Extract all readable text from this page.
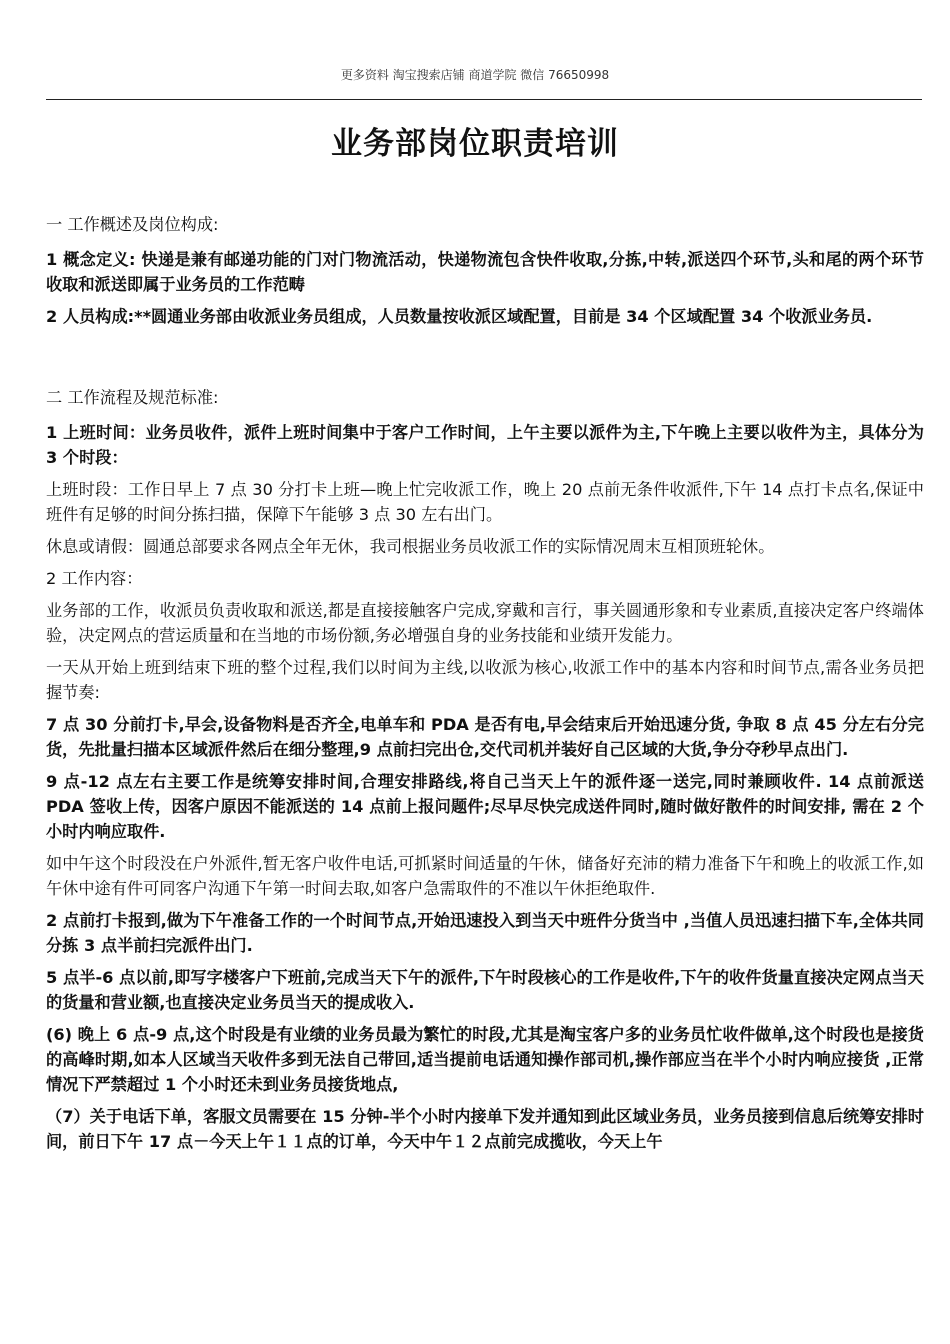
更多资料 淘宝搜索店铺 商道学院 微信 76650998
业务部岗位职责培训

一 工作概述及岗位构成:

1 概念定义: 快递是兼有邮递功能的门对门物流活动，快递物流包含快件收取,分拣,中转,派送四个环节,头和尾的两个环节收取和派送即属于业务员的工作范畴

2 人员构成:**圆通业务部由收派业务员组成，人员数量按收派区域配置，目前是 34 个区域配置 34 个收派业务员.

二 工作流程及规范标准:

1 上班时间：业务员收件，派件上班时间集中于客户工作时间，上午主要以派件为主,下午晚上主要以收件为主，具体分为 3 个时段：

上班时段：工作日早上 7 点 30 分打卡上班—晚上忙完收派工作，晚上 20 点前无条件收派件,下午 14 点打卡点名,保证中班件有足够的时间分拣扫描，保障下午能够 3 点 30 左右出门。

休息或请假：圆通总部要求各网点全年无休，我司根据业务员收派工作的实际情况周末互相顶班轮休。

2 工作内容：

业务部的工作，收派员负责收取和派送,都是直接接触客户完成,穿戴和言行，事关圆通形象和专业素质,直接决定客户终端体验，决定网点的营运质量和在当地的市场份额,务必增强自身的业务技能和业绩开发能力。

一天从开始上班到结束下班的整个过程,我们以时间为主线,以收派为核心,收派工作中的基本内容和时间节点,需各业务员把握节奏:

7 点 30 分前打卡,早会,设备物料是否齐全,电单车和 PDA 是否有电,早会结束后开始迅速分货, 争取 8 点 45 分左右分完货，先批量扫描本区域派件然后在细分整理,9 点前扫完出仓,交代司机并装好自己区域的大货,争分夺秒早点出门.

9 点-12 点左右主要工作是统筹安排时间,合理安排路线,将自己当天上午的派件逐一送完,同时兼顾收件. 14 点前派送 PDA 签收上传，因客户原因不能派送的 14 点前上报问题件;尽早尽快完成送件同时,随时做好散件的时间安排, 需在 2 个小时内响应取件.

如中午这个时段没在户外派件,暂无客户收件电话,可抓紧时间适量的午休，储备好充沛的精力准备下午和晚上的收派工作,如午休中途有件可同客户沟通下午第一时间去取,如客户急需取件的不准以午休拒绝取件.

2 点前打卡报到,做为下午准备工作的一个时间节点,开始迅速投入到当天中班件分货当中 ,当值人员迅速扫描下车,全体共同分拣 3 点半前扫完派件出门.

5 点半-6 点以前,即写字楼客户下班前,完成当天下午的派件,下午时段核心的工作是收件,下午的收件货量直接决定网点当天的货量和营业额,也直接决定业务员当天的提成收入.

(6) 晚上 6 点-9 点,这个时段是有业绩的业务员最为繁忙的时段,尤其是淘宝客户多的业务员忙收件做单,这个时段也是接货的高峰时期,如本人区域当天收件多到无法自己带回,适当提前电话通知操作部司机,操作部应当在半个小时内响应接货 ,正常情况下严禁超过 1 个小时还未到业务员接货地点,

（7）关于电话下单，客服文员需要在 15 分钟-半个小时内接单下发并通知到此区域业务员，业务员接到信息后统筹安排时间，前日下午 17 点－今天上午１１点的订单，今天中午１２点前完成揽收，今天上午
